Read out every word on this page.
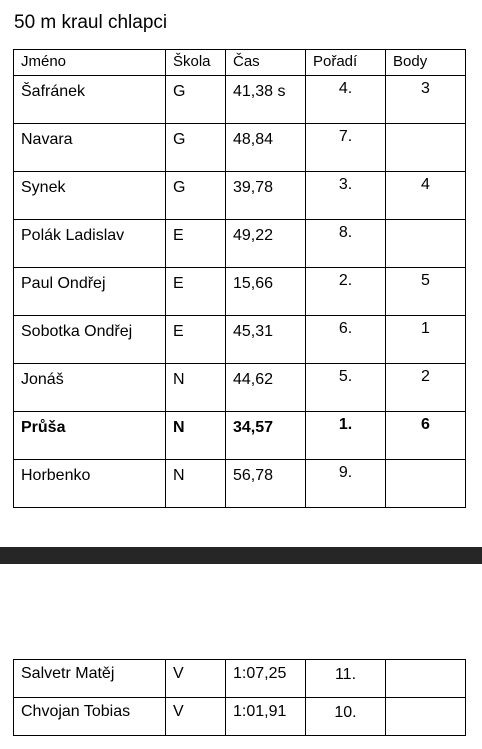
50 m kraul chlapci
Jméno	Škola	Čas	Pořadí	Body
Šafránek	G	41,38 s	4.	3
Navara	G	48,84	7.	
Synek	G	39,78	3.	4
Polák Ladislav	E	49,22	8.	
Paul Ondřej	E	15,66	2.	5
Sobotka Ondřej	E	45,31	6.	1
Jonáš	N	44,62	5.	2
Průša	N	34,57	1.	6
Horbenko	N	56,78	9.	
Salvetr Matěj	V	1:07,25	11.	
Chvojan Tobias	V	1:01,91	10.	
